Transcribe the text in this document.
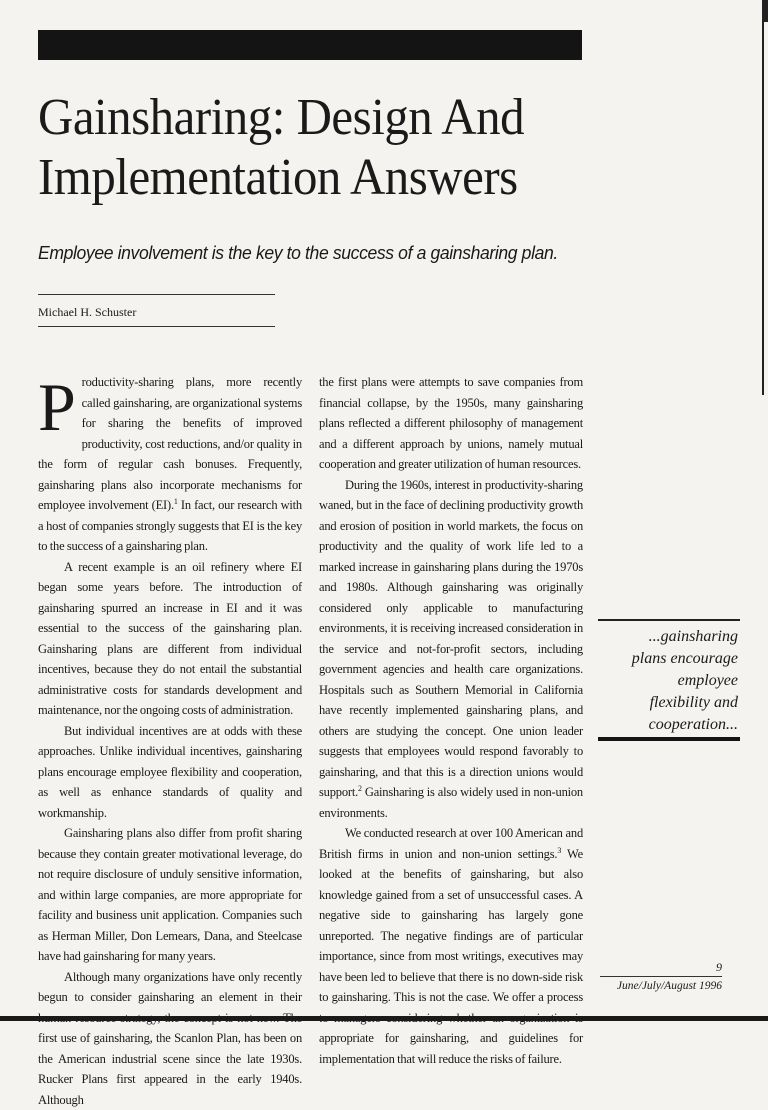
Gainsharing: Design And
Implementation Answers

Employee involvement is the key to the success of a gainsharing plan.

Michael H. Schuster

Productivity-sharing plans, more recently called gainsharing, are organizational systems for sharing the benefits of improved productivity, cost reductions, and/or quality in the form of regular cash bonuses. Frequently, gainsharing plans also incorporate mechanisms for employee involvement (EI).$^1$ In fact, our research with a host of companies strongly suggests that EI is the key to the success of a gainsharing plan.

A recent example is an oil refinery where EI began some years before. The introduction of gainsharing spurred an increase in EI and it was essential to the success of the gainsharing plan. Gainsharing plans are different from individual incentives, because they do not entail the substantial administrative costs for standards development and maintenance, nor the ongoing costs of administration.

But individual incentives are at odds with these approaches. Unlike individual incentives, gainsharing plans encourage employee flexibility and cooperation, as well as enhance standards of quality and workmanship.

Gainsharing plans also differ from profit sharing because they contain greater motivational leverage, do not require disclosure of unduly sensitive information, and within large companies, are more appropriate for facility and business unit application. Companies such as Herman Miller, Don Lemears, Dana, and Steelcase have had gainsharing for many years.

Although many organizations have only recently begun to consider gainsharing an element in their first use of gainsharing, the Scanlon Plan, has been on the American industrial scene since the late 1930s. Rucker Plans first appeared in the early 1940s. Although

the first plans were attempts to save companies from financial collapse, by the 1950s, many gainsharing plans reflected a different philosophy of management and a different approach by unions, namely mutual cooperation and greater utilization of human resources.

During the 1960s, interest in productivity-sharing waned, but in the face of declining productivity growth and erosion of position in world markets, the focus on productivity and the quality of work life led to a marked increase in gainsharing plans during the 1970s and 1980s. Although gainsharing was originally considered only applicable to manufacturing environments, it is receiving increased consideration in the service and not-for-profit sectors, including government agencies and health care organizations. Hospitals such as Southern Memorial in California have recently implemented gainsharing plans, and others are studying the concept. One union leader suggests that employees would respond favorably to gainsharing, and that this is a direction unions would support.$^2$ Gainsharing is also widely used in non-union environments.

We conducted research at over 100 American and British firms in union and non-union settings.$^3$ We looked at the benefits of gainsharing, but also knowledge gained from a set of unsuccessful cases. A negative side to gainsharing has largely gone unreported. The negative findings are of particular importance, since from most writings, executives may have been led to believe that there is no down-side risk to gainsharing. This is not the case. We offer a process appropriate for gainsharing, and guidelines for implementation that will reduce the risks of failure.

...gainsharing
plans encourage
employee
flexibility and
cooperation...
9
June/July/August 1996
